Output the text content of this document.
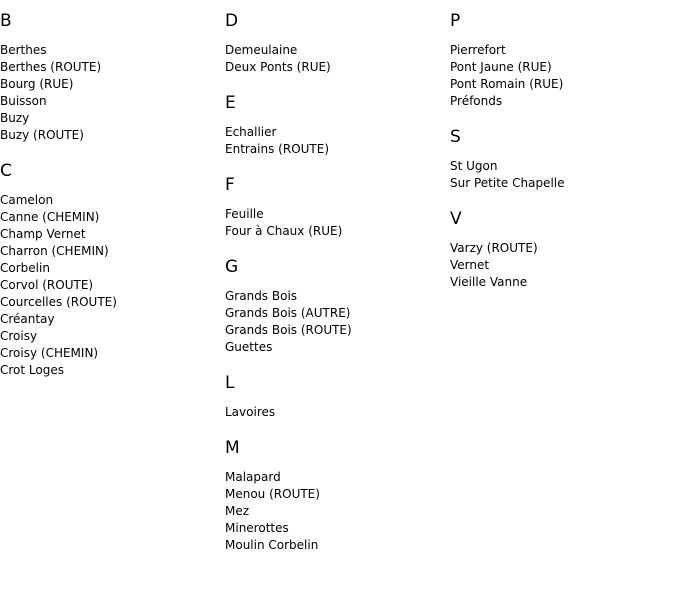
B
Berthes
Berthes (ROUTE)
Bourg (RUE)
Buisson
Buzy
Buzy (ROUTE)
C
Camelon
Canne (CHEMIN)
Champ Vernet
Charron (CHEMIN)
Corbelin
Corvol (ROUTE)
Courcelles (ROUTE)
Créantay
Croisy
Croisy (CHEMIN)
Crot Loges
D
Demeulaine
Deux Ponts (RUE)
E
Echallier
Entrains (ROUTE)
F
Feuille
Four à Chaux (RUE)
G
Grands Bois
Grands Bois (AUTRE)
Grands Bois (ROUTE)
Guettes
L
Lavoires
M
Malapard
Menou (ROUTE)
Mez
Minerottes
Moulin Corbelin
P
Pierrefort
Pont Jaune (RUE)
Pont Romain (RUE)
Préfonds
S
St Ugon
Sur Petite Chapelle
V
Varzy (ROUTE)
Vernet
Vieille Vanne
